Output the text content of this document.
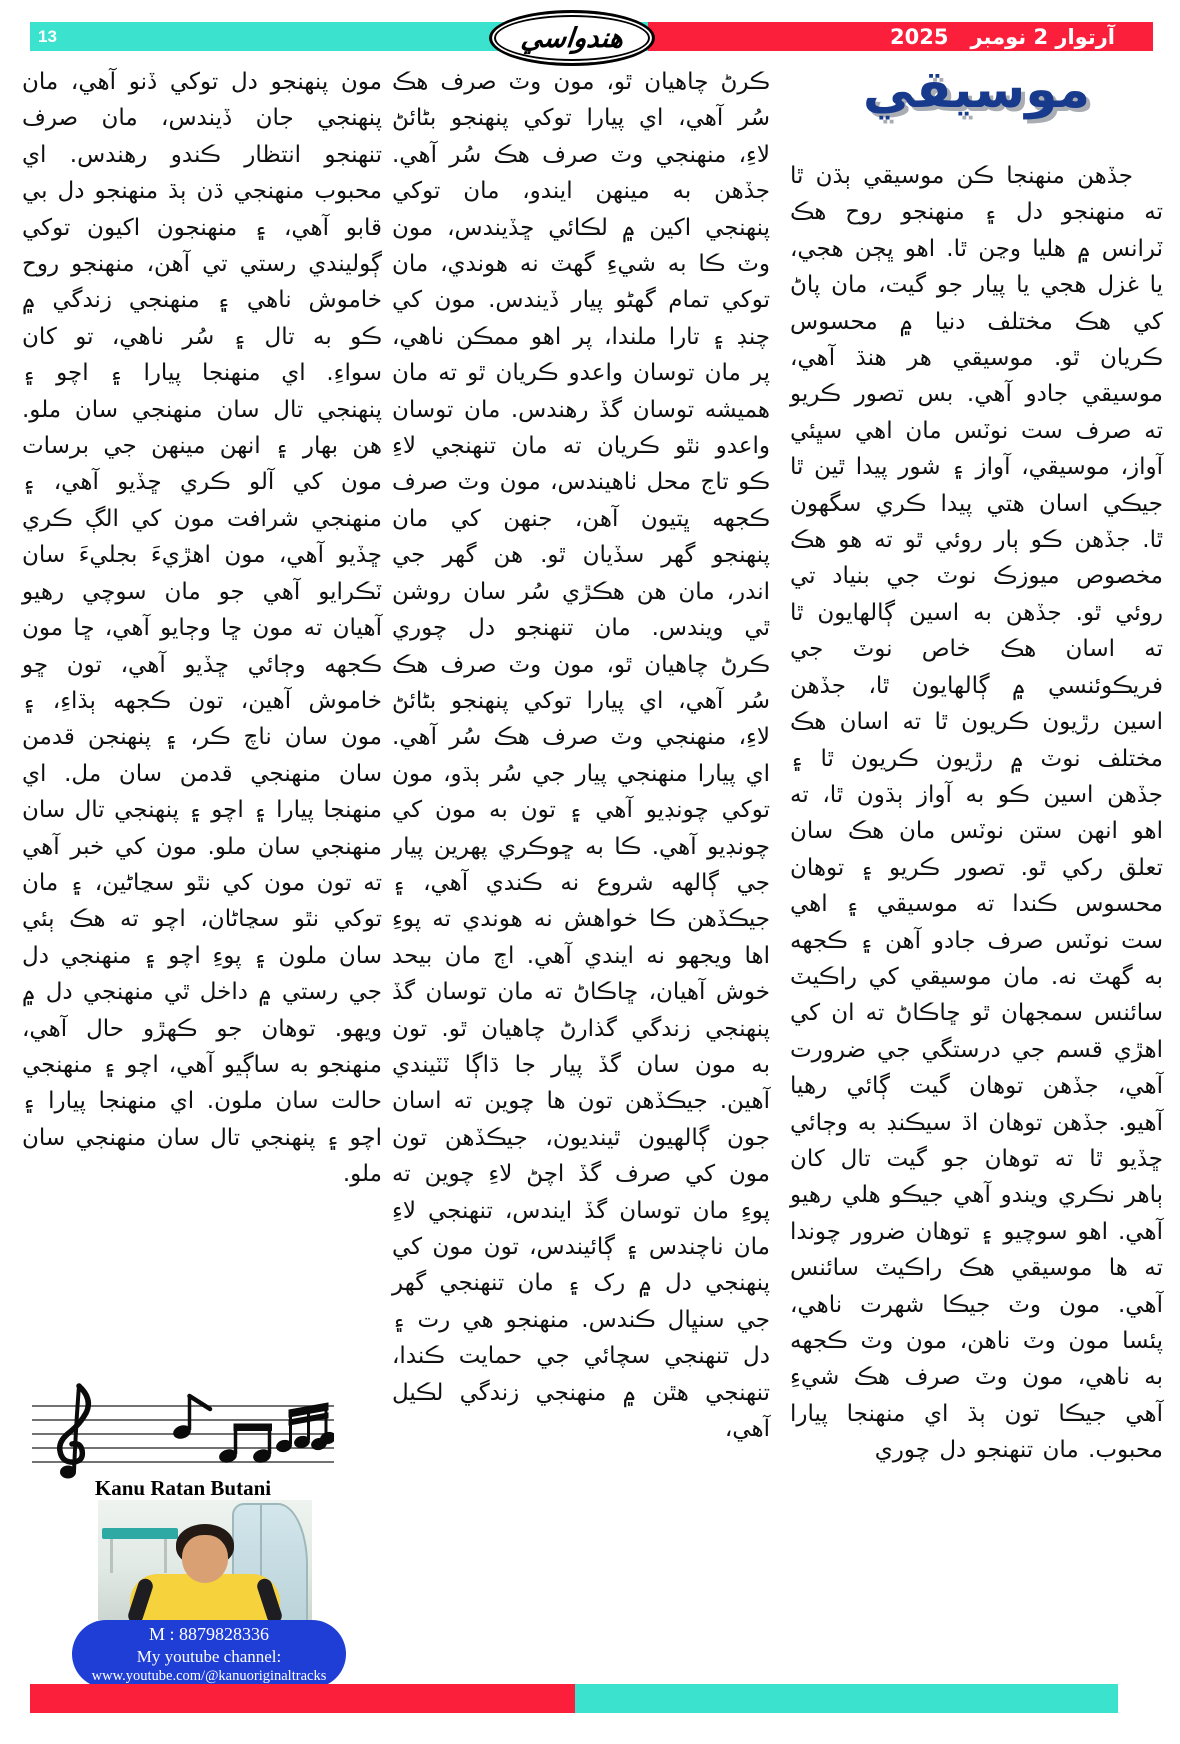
13	آرتوار 2 نومبر
2025
هندواسي
موسيقي
جڏهن منهنجا ڪن موسيقي ٻڌن ٿا ته منهنجو دل ۽ منهنجو روح هڪ ٽرانس ۾ هليا وڃن ٿا. اهو ڀڄن هجي، يا غزل هجي يا پيار جو گيت، مان پاڻ کي هڪ مختلف دنيا ۾ محسوس ڪريان ٿو. موسيقي هر هنڌ آهي، موسيقي جادو آهي. بس تصور ڪريو ته صرف ست نوٽس مان اهي سڀئي آواز، موسيقي، آواز ۽ شور پيدا ٿين ٿا جيڪي اسان هتي پيدا ڪري سگهون ٿا. جڏهن ڪو ٻار روئي ٿو ته هو هڪ مخصوص ميوزڪ نوٽ جي بنياد تي روئي ٿو. جڏهن به اسين ڳالهايون ٿا ته اسان هڪ خاص نوٽ جي فريڪوئنسي ۾ ڳالهايون ٿا، جڏهن اسين رڙيون ڪريون ٿا ته اسان هڪ مختلف نوٽ ۾ رڙيون ڪريون ٿا ۽ جڏهن اسين ڪو به آواز ٻڌون ٿا، ته اهو انهن ستن نوٽس مان هڪ سان تعلق رکي ٿو. تصور ڪريو ۽ توهان محسوس ڪندا ته موسيقي ۽ اهي ست نوٽس صرف جادو آهن ۽ ڪجهه به گهٽ نه. مان موسيقي کي راڪيٽ سائنس سمجهان ٿو ڇاڪاڻ ته ان کي اهڙي قسم جي درستگي جي ضرورت آهي، جڏهن توهان گيت ڳائي رهيا آهيو. جڏهن توهان اڌ سيڪنڊ به وڄائي ڇڏيو ٿا ته توهان جو گيت تال کان ٻاهر نڪري ويندو آهي جيڪو هلي رهيو آهي. اهو سوچيو ۽ توهان ضرور چوندا ته ها موسيقي هڪ راڪيٽ سائنس آهي. مون وٽ جيڪا شهرت ناهي، پئسا مون وٽ ناهن، مون وٽ ڪجهه به ناهي، مون وٽ صرف هڪ شيءِ آهي جيڪا تون ٻڌ اي منهنجا پيارا محبوب. مان تنهنجو دل چوري
ڪرڻ چاهيان ٿو، مون وٽ صرف هڪ سُر آهي، اي پيارا توکي پنهنجو بڻائڻ لاءِ، منهنجي وٽ صرف هڪ سُر آهي. جڏهن به مينهن ايندو، مان توکي پنهنجي اکين ۾ لڪائي ڇڏيندس، مون وٽ ڪا به شيءِ گهٽ نه هوندي، مان توکي تمام گهڻو پيار ڏيندس. مون کي چنڊ ۽ تارا ملندا، پر اهو ممڪن ناهي، پر مان توسان واعدو ڪريان ٿو ته مان هميشه توسان گڏ رهندس. مان توسان واعدو نٿو ڪريان ته مان تنهنجي لاءِ ڪو تاج محل ٺاهيندس، مون وٽ صرف ڪجهه ڀتيون آهن، جنهن کي مان پنهنجو گهر سڏيان ٿو. هن گهر جي اندر، مان هن هڪڙي سُر سان روشن ٿي ويندس. مان تنهنجو دل چوري ڪرڻ چاهيان ٿو، مون وٽ صرف هڪ سُر آهي، اي پيارا توکي پنهنجو بڻائڻ لاءِ، منهنجي وٽ صرف هڪ سُر آهي. اي پيارا منهنجي پيار جي سُر ٻڌو، مون توکي چونڊيو آهي ۽ تون به مون کي چونڊيو آهي. ڪا به ڇوڪري پهرين پيار جي ڳالهه شروع نه ڪندي آهي، ۽ جيڪڏهن ڪا خواهش نه هوندي ته پوءِ اها ويجهو نه ايندي آهي. اڄ مان بيحد خوش آهيان، ڇاڪاڻ ته مان توسان گڏ پنهنجي زندگي گذارڻ چاهيان ٿو. تون به مون سان گڏ پيار جا ڌاڳا ٽٽيندي آهين. جيڪڏهن تون ها چوين ته اسان جون ڳالهيون ٿينديون، جيڪڏهن تون مون کي صرف گڏ اچڻ لاءِ چوين ته پوءِ مان توسان گڏ ايندس، تنهنجي لاءِ مان ناچندس ۽ ڳائيندس، تون مون کي پنهنجي دل ۾ رک ۽ مان تنهنجي گهر جي سنڀال ڪندس. منهنجو هي رت ۽ دل تنهنجي سچائي جي حمايت ڪندا، تنهنجي هٿن ۾ منهنجي زندگي لڪيل آهي،
مون پنهنجو دل توکي ڏنو آهي، مان پنهنجي جان ڏيندس، مان صرف تنهنجو انتظار ڪندو رهندس. اي محبوب منهنجي ڌن ٻڌ منهنجو دل بي قابو آهي، ۽ منهنجون اکيون توکي ڳوليندي رستي تي آهن، منهنجو روح خاموش ناهي ۽ منهنجي زندگي ۾ ڪو به تال ۽ سُر ناهي، تو کان سواءِ. اي منهنجا پيارا ۽ اچو ۽ پنهنجي تال سان منهنجي سان ملو. هن بهار ۽ انهن مينهن جي برسات مون کي آلو ڪري ڇڏيو آهي، ۽ منهنجي شرافت مون کي الڳ ڪري ڇڏيو آهي، مون اهڙيءَ بجليءَ سان ٽڪرايو آهي جو مان سوچي رهيو آهيان ته مون ڇا وڄايو آهي، ڇا مون ڪجهه وڄائي ڇڏيو آهي، تون ڇو خاموش آهين، تون ڪجهه ٻڌاءِ، ۽ مون سان ناچ ڪر، ۽ پنهنجن قدمن سان منهنجي قدمن سان مل. اي منهنجا پيارا ۽ اچو ۽ پنهنجي تال سان منهنجي سان ملو. مون کي خبر آهي ته تون مون کي نٿو سڃاڻين، ۽ مان توکي نٿو سڃاڻان، اچو ته هڪ ٻئي سان ملون ۽ پوءِ اچو ۽ منهنجي دل جي رستي ۾ داخل ٿي منهنجي دل ۾ ويهو. توهان جو ڪهڙو حال آهي، منهنجو به ساڳيو آهي، اچو ۽ منهنجي حالت سان ملون. اي منهنجا پيارا ۽ اچو ۽ پنهنجي تال سان منهنجي سان ملو.
Kanu Ratan Butani
M : 8879828336
My youtube channel:
www.youtube.com/@kanuoriginaltracks
